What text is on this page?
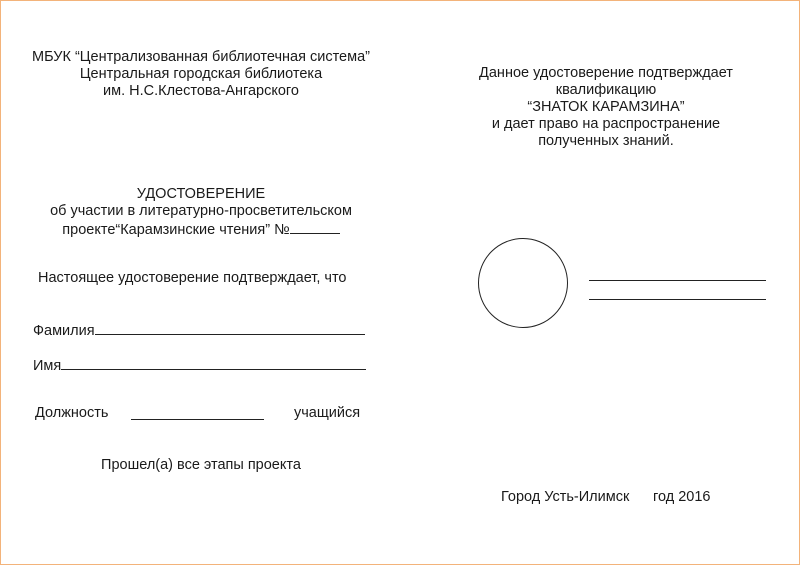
МБУК “Централизованная библиотечная система”
Центральная городская библиотека
им. Н.С.Клестова-Ангарского
УДОСТОВЕРЕНИЕ
об участии в литературно-просветительском
проекте“Карамзинские чтения” №
Настоящее удостоверение подтверждает, что
Фамилия
Имя
Должность	учащийся
Прошел(а) все этапы проекта
Данное удостоверение подтверждает
квалификацию
“ЗНАТОК КАРАМЗИНА”
и дает право на распространение
полученных знаний.
Город Усть-Илимск год 2016
